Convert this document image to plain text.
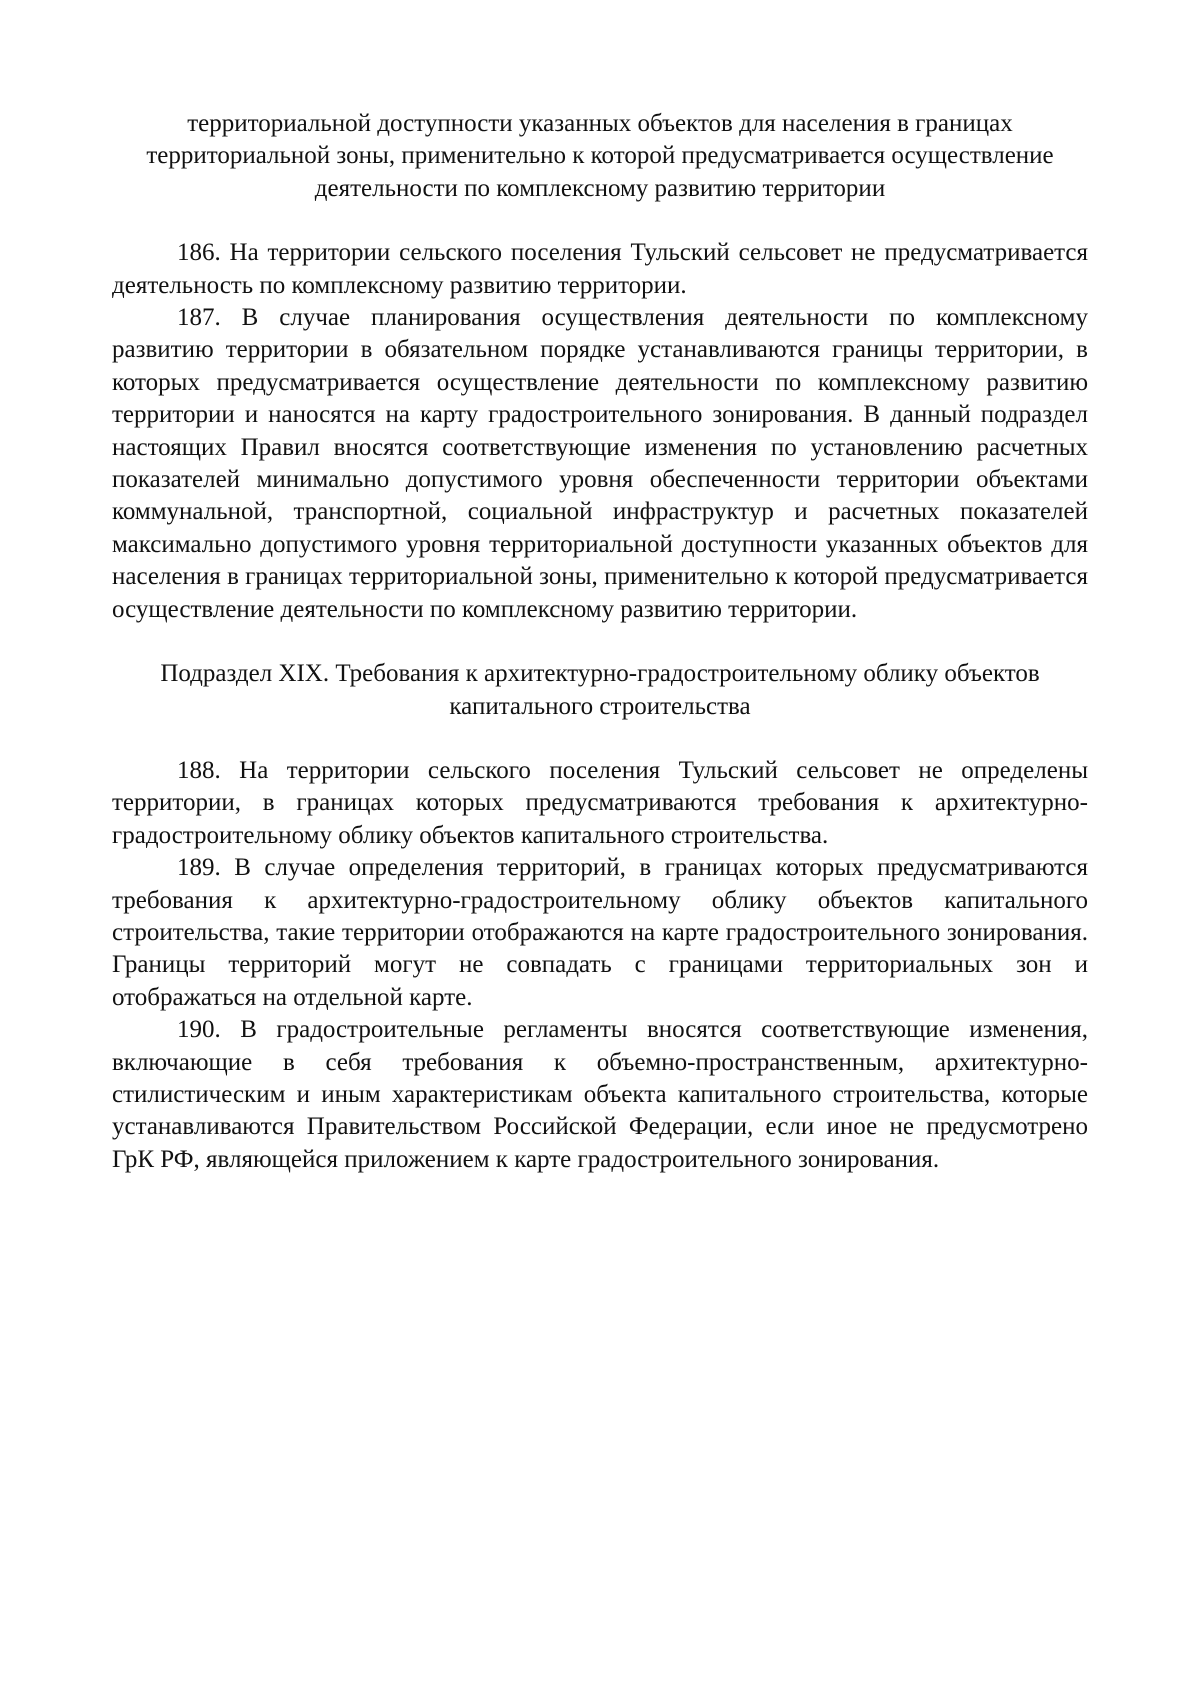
территориальной доступности указанных объектов для населения в границах
территориальной зоны, применительно к которой предусматривается осуществление
деятельности по комплексному развитию территории

186. На территории сельского поселения Тульский сельсовет не предусматривается деятельность по комплексному развитию территории.

187. В случае планирования осуществления деятельности по комплексному развитию территории в обязательном порядке устанавливаются границы территории, в которых предусматривается осуществление деятельности по комплексному развитию территории и наносятся на карту градостроительного зонирования. В данный подраздел настоящих Правил вносятся соответствующие изменения по установлению расчетных показателей минимально допустимого уровня обеспеченности территории объектами коммунальной, транспортной, социальной инфраструктур и расчетных показателей максимально допустимого уровня территориальной доступности указанных объектов для населения в границах территориальной зоны, применительно к которой предусматривается осуществление деятельности по комплексному развитию территории.

Подраздел XIX. Требования к архитектурно-градостроительному облику объектов
капитального строительства

188. На территории сельского поселения Тульский сельсовет не определены территории, в границах которых предусматриваются требования к архитектурно-градостроительному облику объектов капитального строительства.

189. В случае определения территорий, в границах которых предусматриваются требования к архитектурно-градостроительному облику объектов капитального строительства, такие территории отображаются на карте градостроительного зонирования. Границы территорий могут не совпадать с границами территориальных зон и отображаться на отдельной карте.

190. В градостроительные регламенты вносятся соответствующие изменения, включающие в себя требования к объемно-пространственным, архитектурно-стилистическим и иным характеристикам объекта капитального строительства, которые устанавливаются Правительством Российской Федерации, если иное не предусмотрено ГрК РФ, являющейся приложением к карте градостроительного зонирования.
